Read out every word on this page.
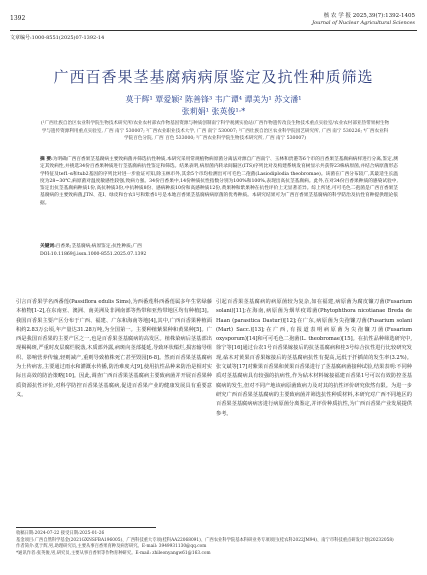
1392	核 农 学 报 2025,39(7):1392-1405
Journal of Nuclear Agricultural Sciences
文章编号:1000-8551(2025)07-1392-14
广西百香果茎基腐病病原鉴定及抗性种质筛选
莫于辉¹ 覃爱颖² 陈善锋³ 韦广谭⁴ 谭美为¹ 苏文潘¹
张莉娟¹ 张英俊¹·*
(¹广西壮族自治区农业科学院生物技术研究所/农业农村部农作物基因资源与种质创制南宁科学观测实验站/广西作物遗传改良生物技术重点实验室/农业农村部亚热带果树生物学与遗传资源利用重点实验室, 广西 南宁 530007; ²广西农业职业技术大学, 广西 南宁 530007; ³广西壮族自治区农业科学院园艺研究所, 广西 南宁 530226; ⁴广西农业科学院百色分院, 广西 百色 533000; ⁵广西农业科学院生物技术研究所, 广西 南宁 530007)
摘 要:为明确广西百香果茎基腐病主要致病菌并筛选抗性种质,本研究采用常规植物病原菌分离法对源自广西南宁、玉林和贵港等6个市的百香果茎基腐病病样进行分离,鉴定,测定其致病性,并挑选34份百香果种质进行茎基腐病抗性鉴定和筛选。结果表明,病原菌内转录间隔区(ITS)序列比对及构建系统发育树显示共获得23株病原菌,并结合病原菌形态学特征及tef1-α和tub2基因的序列比对进一步验证可知,除玉林市外,其余5个市均检测出可可毛色二孢菌(Lasiodiplodia theobromae)。该菌在广西分布较广,其最适生长温度为28~30℃,病原菌对温度敏感性较强,致病力强。34份百香果中,14份种质抗性指数分别为100%和100%,表现出高抗茎基腐病。此外,在对34份百香果种质的感染试验中,鉴定出抗茎基腐病种质1份,高抗种质3份,中抗种质8份、感病种质10份和高感种质12份,黄果种和紫果种在抗性评价上无显著差异。综上所述,可可毛色二孢菌是广西百香果茎基腐病的主要致病菌,JTN、花Ⅰ、绿皮和台农1号和紫香1号是本地百香果茎基腐病病原菌的优秀种质。本研究结果可为广西百香果茎基腐病的科学防治及抗性育种提供理论依据。
关键词:百香果;茎基腐病;病原鉴定;抗性种质;广西
DOI:10.11869/j.issn.1000-8551.2025.07.1392
引言百香果学名西番莲(Passiflora edulis Sims),为西番莲科西番莲属多年生常绿藤本植物[1-2],在东南亚、澳洲、南美洲及非洲南部等热带和亚热带地区均有种植[3]。我国百香果主要产区分布于广西、福建、广东和海南等地[4],其中,广西百香果种植面积约2.83万公顷,年产量达31.28万吨,为全国第一。主要种植紫果种和黄果种[5]。广西是我国百香果的主要产区之一,也是百香果茎基腐病的高发区。植株染病后茎基部出现褐褐斑,严重时皮层腐烂脱落,木质部外露,病斑向茎部蔓延,导致环状缢烂,损害输导组织、影响营养传输,轻则减产,重则导致植株死亡甚至毁园[6-8]。然而百香果茎基腐病为土传病害,主要通过雨水和灌溉水传播,防治难度大[9],使用抗性品种来防治是相对实际且高效的防治策略[10]。因此,调查广西百香果茎基腐病主要致病菌并开展百香果种质资源抗性评价,对科学防控百香果茎基腐病,促进百香果产业的健康发展具有重要意义。
引起百香果茎基腐病的病原菌较为复杂,如在福建,病原菌为腐皮镰刀菌(Fusarium solani)[11];在海南,病原菌为烟草疫霉菌(Phytophthora nicotianae Breda de Haan (parasitica Dastur))[12];在广东,病原菌为尖孢镰刀菌(Fusarium solani (Mart) Sacc.)[13];在广西,有报道表明病原菌为尖孢镰刀菌(Fusarium oxysporum)[14]和可可毛色二孢菌(L. theobromae)[15]。在抗性品种筛选研究中,徐宁等[16]通过台农1号百香果嫁接后的抗茎基腐病和桂3号综合抗性进行比较研究发现,砧木对黄果百香果嫁接后的茎基腐病抗性有提高,远低于扦插苗的发生率(3.2%)。张文斌等[17]对紫果百香果和黄果百香果进行了茎基腐病菌接种试验,结果表明:不同种质对茎基腐病具有较强的抗病性,作为砧木材料嫁接福建百香果1号可以有效防控茎基腐病的发生,但对不同产地该病原菌致病力及对其的抗性评价研究依然有限。为进一步研究广西百香果茎基腐病的主要致病菌并筛选抗性种质材料,本研究对广西不同地区的百香果茎基腐病病害进行病原菌分离鉴定,并评价种质抗性,为广西百香果产业发展提供参考。
收稿日期:2024-07-22 接受日期:2025-01-26
基金项目:广西自然科学基金(2021GXNSFBA196005)、广西科技重大专项(桂科AA22068091)、广西农业科学院基本科研业务专项项目(桂农科2022JM94)、南宁市科技重点研发计划(20232058)
作者简介:莫于辉,男,助理研究员,主要从事百香果育种及病害研究。E-mail: 3949931130@qq.com
*通讯作者:张英俊,男,研究员,主要从事百香果等作物育种研究。E-mail: zhileonyangw61@163.com
